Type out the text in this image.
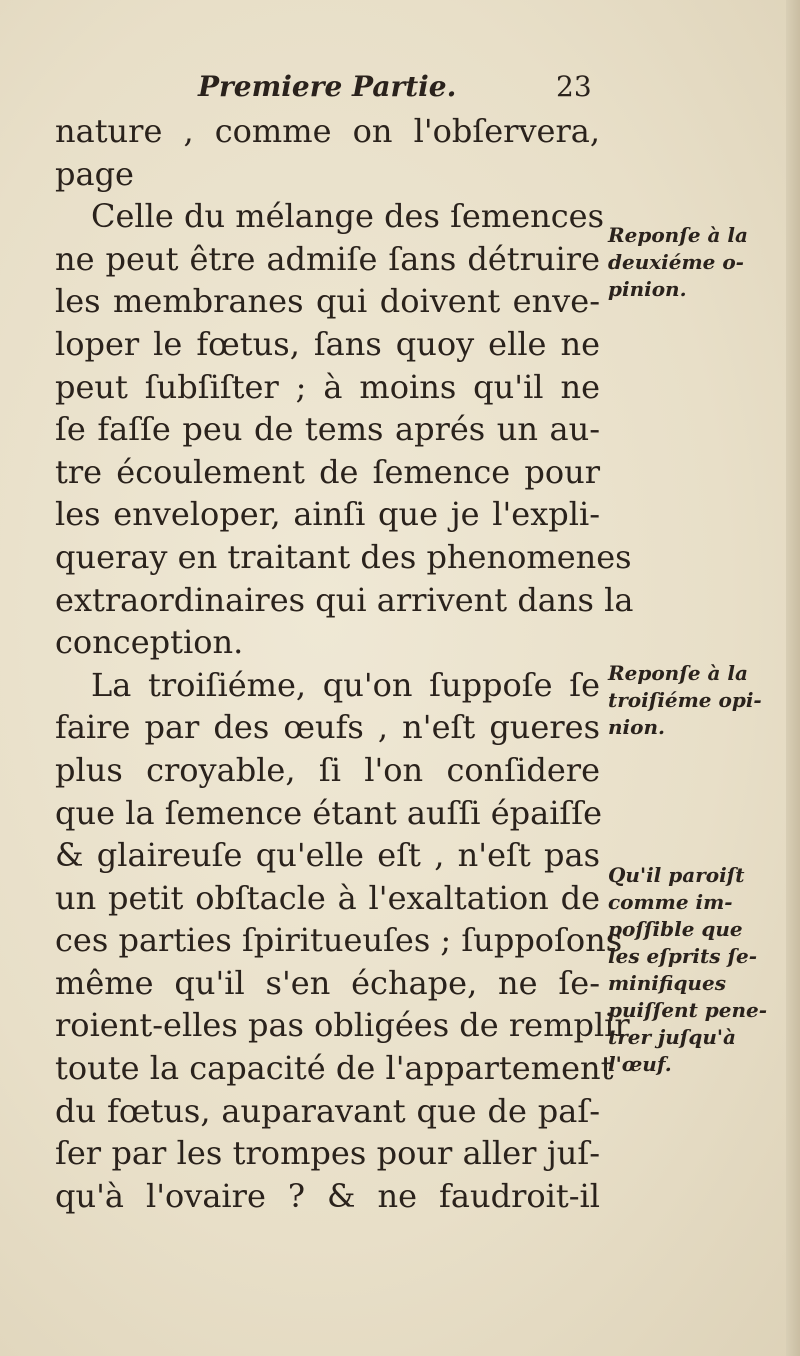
Premiere Partie.	23
nature , comme on l'obſervera,
page
Celle du mélange des ſemences
ne peut être admiſe ſans détruire
les membranes qui doivent enve-
loper le fœtus, ſans quoy elle ne
peut ſubſiſter ; à moins qu'il ne
ſe faſſe peu de tems aprés un au-
tre écoulement de ſemence pour
les enveloper, ainſi que je l'expli-
queray en traitant des phenomenes
extraordinaires qui arrivent dans la
conception.
La troiſiéme, qu'on ſuppoſe ſe
faire par des œufs , n'eſt gueres
plus croyable, ſi l'on conſidere
que la ſemence étant auſſi épaiſſe
& glaireuſe qu'elle eſt , n'eſt pas
un petit obſtacle à l'exaltation de
ces parties ſpiritueuſes ; ſuppoſons
même qu'il s'en échape, ne ſe-
roient-elles pas obligées de remplir
toute la capacité de l'appartement
du fœtus, auparavant que de paſ-
ſer par les trompes pour aller juſ-
qu'à l'ovaire ? & ne faudroit-il
Reponſe à la
deuxiéme o-
pinion.
Reponſe à la
troiſiéme opi-
nion.
Qu'il paroiſt
comme im-
poſſible que
les eſprits ſe-
minifiques
puiſſent pene-
trer juſqu'à
l'œuf.
